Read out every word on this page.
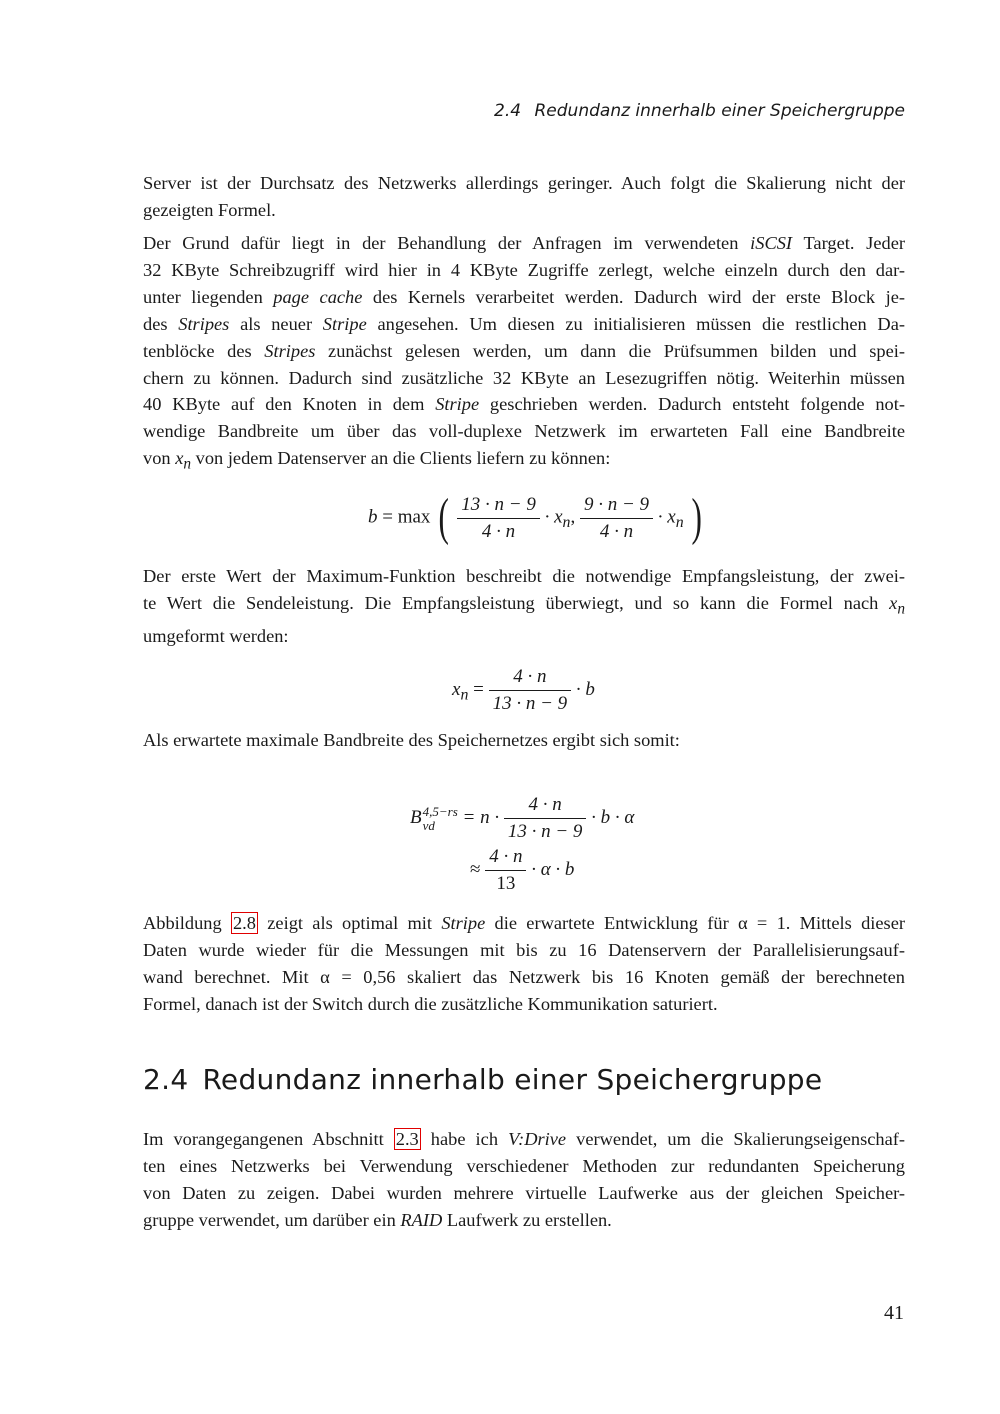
2.4 Redundanz innerhalb einer Speichergruppe
Server ist der Durchsatz des Netzwerks allerdings geringer. Auch folgt die Skalierung nicht der
gezeigten Formel.
Der Grund dafür liegt in der Behandlung der Anfragen im verwendeten iSCSI Target. Jeder
32 KByte Schreibzugriff wird hier in 4 KByte Zugriffe zerlegt, welche einzeln durch den dar-
unter liegenden page cache des Kernels verarbeitet werden. Dadurch wird der erste Block je-
des Stripes als neuer Stripe angesehen. Um diesen zu initialisieren müssen die restlichen Da-
tenblöcke des Stripes zunächst gelesen werden, um dann die Prüfsummen bilden und spei-
chern zu können. Dadurch sind zusätzliche 32 KByte an Lesezugriffen nötig. Weiterhin müssen
40 KByte auf den Knoten in dem Stripe geschrieben werden. Dadurch entsteht folgende not-
wendige Bandbreite um über das voll-duplexe Netzwerk im erwarteten Fall eine Bandbreite
von $x_n$ von jedem Datenserver an die Clients liefern zu können:
b = max ( $\frac{13 \cdot n - 9}{4 \cdot n} \cdot x_n$, $\frac{9 \cdot n - 9}{4 \cdot n} \cdot x_n$ )
Der erste Wert der Maximum-Funktion beschreibt die notwendige Empfangsleistung, der zwei-
te Wert die Sendeleistung. Die Empfangsleistung überwiegt, und so kann die Formel nach $x_n$
umgeformt werden:
$x_n = \frac{4 \cdot n}{13 \cdot n - 9} \cdot b$
Als erwartete maximale Bandbreite des Speichernetzes ergibt sich somit:
B 4,5−rs
vd	= $n \cdot \frac{4 \cdot n}{13 \cdot n - 9} \cdot b \cdot \alpha$
≈ $\frac{4 \cdot n}{13} \cdot \alpha \cdot b$
Abbildung 2.8 zeigt als optimal mit Stripe die erwartete Entwicklung für α = 1. Mittels dieser
Daten wurde wieder für die Messungen mit bis zu 16 Datenservern der Parallelisierungsauf-
wand berechnet. Mit α = 0,56 skaliert das Netzwerk bis 16 Knoten gemäß der berechneten
Formel, danach ist der Switch durch die zusätzliche Kommunikation saturiert.
2.4 Redundanz innerhalb einer Speichergruppe
Im vorangegangenen Abschnitt 2.3 habe ich V:Drive verwendet, um die Skalierungseigenschaf-
ten eines Netzwerks bei Verwendung verschiedener Methoden zur redundanten Speicherung
von Daten zu zeigen. Dabei wurden mehrere virtuelle Laufwerke aus der gleichen Speicher-
gruppe verwendet, um darüber ein RAID Laufwerk zu erstellen.
41
